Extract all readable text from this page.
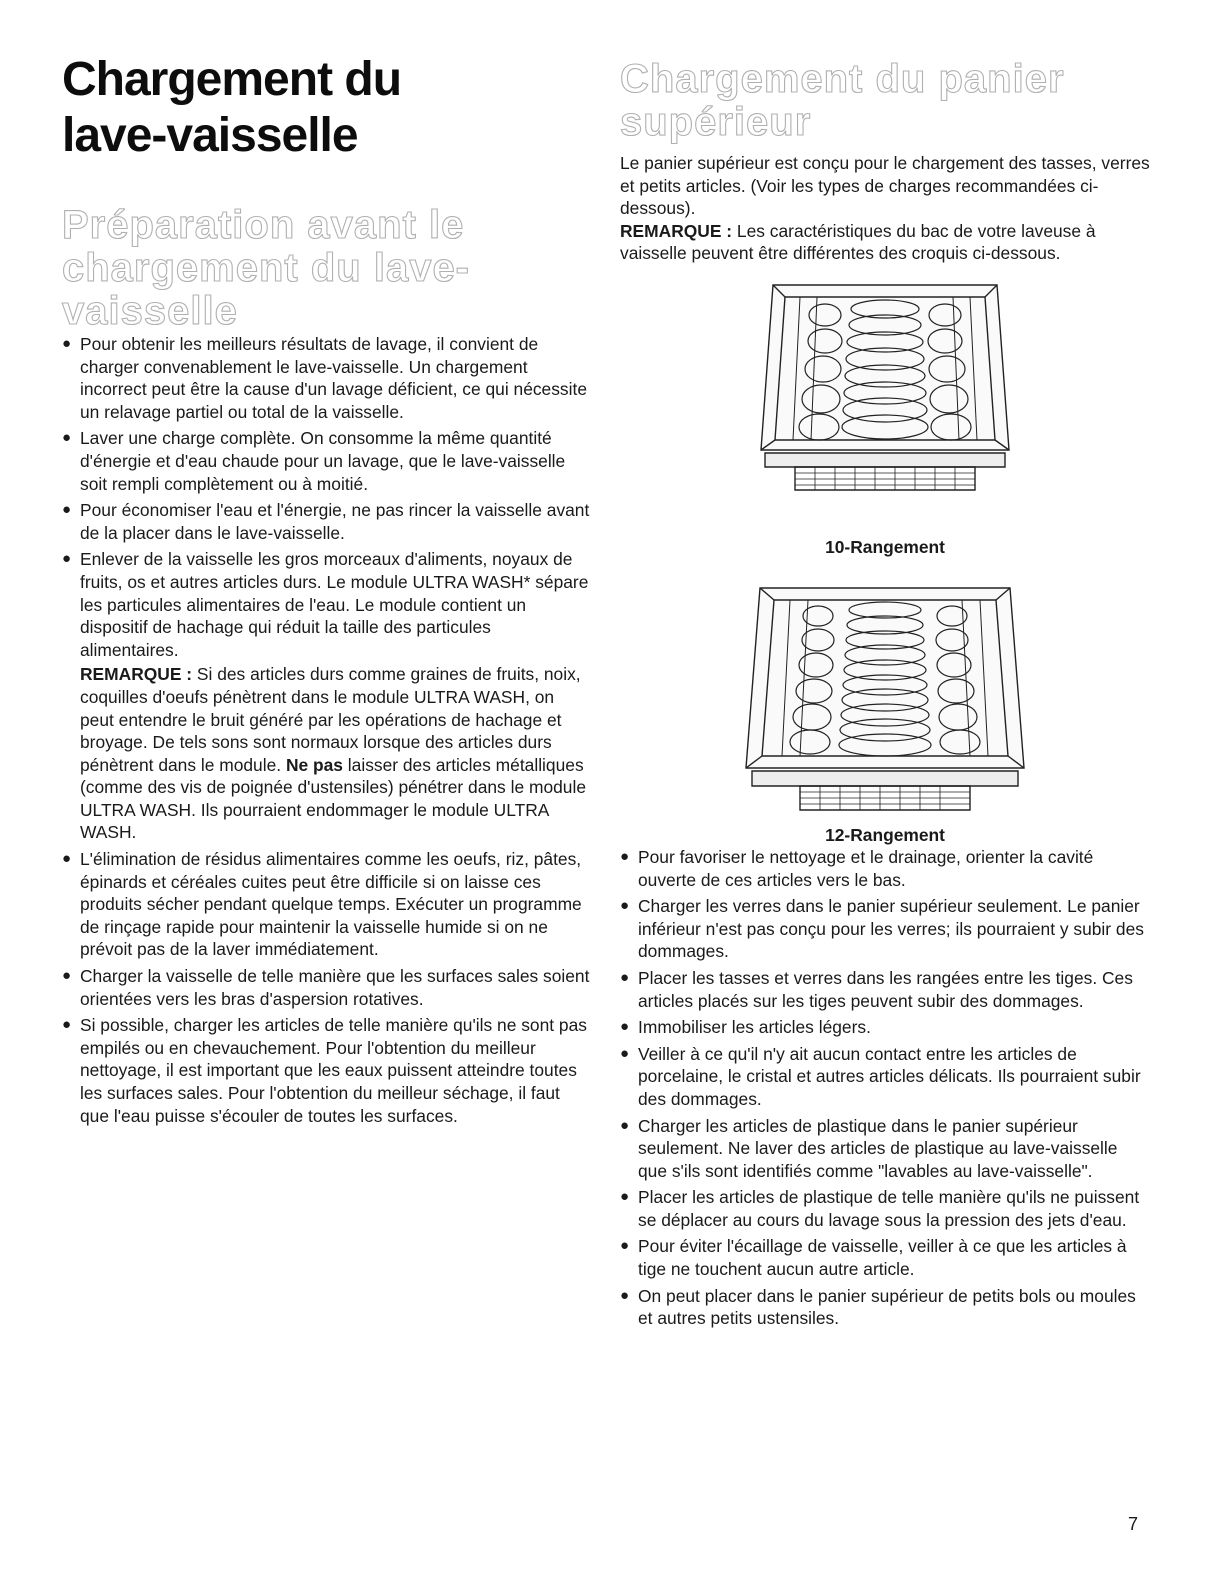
Chargement du
lave-vaisselle
Préparation avant le
chargement du lave-
vaisselle
● Pour obtenir les meilleurs résultats de lavage, il convient de charger convenablement le lave-vaisselle. Un chargement incorrect peut être la cause d'un lavage déficient, ce qui nécessite un relavage partiel ou total de la vaisselle.
● Laver une charge complète. On consomme la même quantité d'énergie et d'eau chaude pour un lavage, que le lave-vaisselle soit rempli complètement ou à moitié.
● Pour économiser l'eau et l'énergie, ne pas rincer la vaisselle avant de la placer dans le lave-vaisselle.
● Enlever de la vaisselle les gros morceaux d'aliments, noyaux de fruits, os et autres articles durs. Le module ULTRA WASH* sépare les particules alimentaires de l'eau. Le module contient un dispositif de hachage qui réduit la taille des particules alimentaires.
REMARQUE : Si des articles durs comme graines de fruits, noix, coquilles d'oeufs pénètrent dans le module ULTRA WASH, on peut entendre le bruit généré par les opérations de hachage et broyage. De tels sons sont normaux lorsque des articles durs pénètrent dans le module. Ne pas laisser des articles métalliques (comme des vis de poignée d'ustensiles) pénétrer dans le module ULTRA WASH. Ils pourraient endommager le module ULTRA WASH.
● L'élimination de résidus alimentaires comme les oeufs, riz, pâtes, épinards et céréales cuites peut être difficile si on laisse ces produits sécher pendant quelque temps. Exécuter un programme de rinçage rapide pour maintenir la vaisselle humide si on ne prévoit pas de la laver immédiatement.
● Charger la vaisselle de telle manière que les surfaces sales soient orientées vers les bras d'aspersion rotatives.
● Si possible, charger les articles de telle manière qu'ils ne sont pas empilés ou en chevauchement. Pour l'obtention du meilleur nettoyage, il est important que les eaux puissent atteindre toutes les surfaces sales. Pour l'obtention du meilleur séchage, il faut que l'eau puisse s'écouler de toutes les surfaces.
Chargement du panier
supérieur

Le panier supérieur est conçu pour le chargement des tasses, verres et petits articles. (Voir les types de charges recommandées ci-dessous).
REMARQUE : Les caractéristiques du bac de votre laveuse à vaisselle peuvent être différentes des croquis ci-dessous.

10-Rangement
12-Rangement
● Pour favoriser le nettoyage et le drainage, orienter la cavité ouverte de ces articles vers le bas.
● Charger les verres dans le panier supérieur seulement. Le panier inférieur n'est pas conçu pour les verres; ils pourraient y subir des dommages.
● Placer les tasses et verres dans les rangées entre les tiges. Ces articles placés sur les tiges peuvent subir des dommages.
● Immobiliser les articles légers.
● Veiller à ce qu'il n'y ait aucun contact entre les articles de porcelaine, le cristal et autres articles délicats. Ils pourraient subir des dommages.
● Charger les articles de plastique dans le panier supérieur seulement. Ne laver des articles de plastique au lave-vaisselle que s'ils sont identifiés comme "lavables au lave-vaisselle".
● Placer les articles de plastique de telle manière qu'ils ne puissent se déplacer au cours du lavage sous la pression des jets d'eau.
● Pour éviter l'écaillage de vaisselle, veiller à ce que les articles à tige ne touchent aucun autre article.
● On peut placer dans le panier supérieur de petits bols ou moules et autres petits ustensiles.
7
